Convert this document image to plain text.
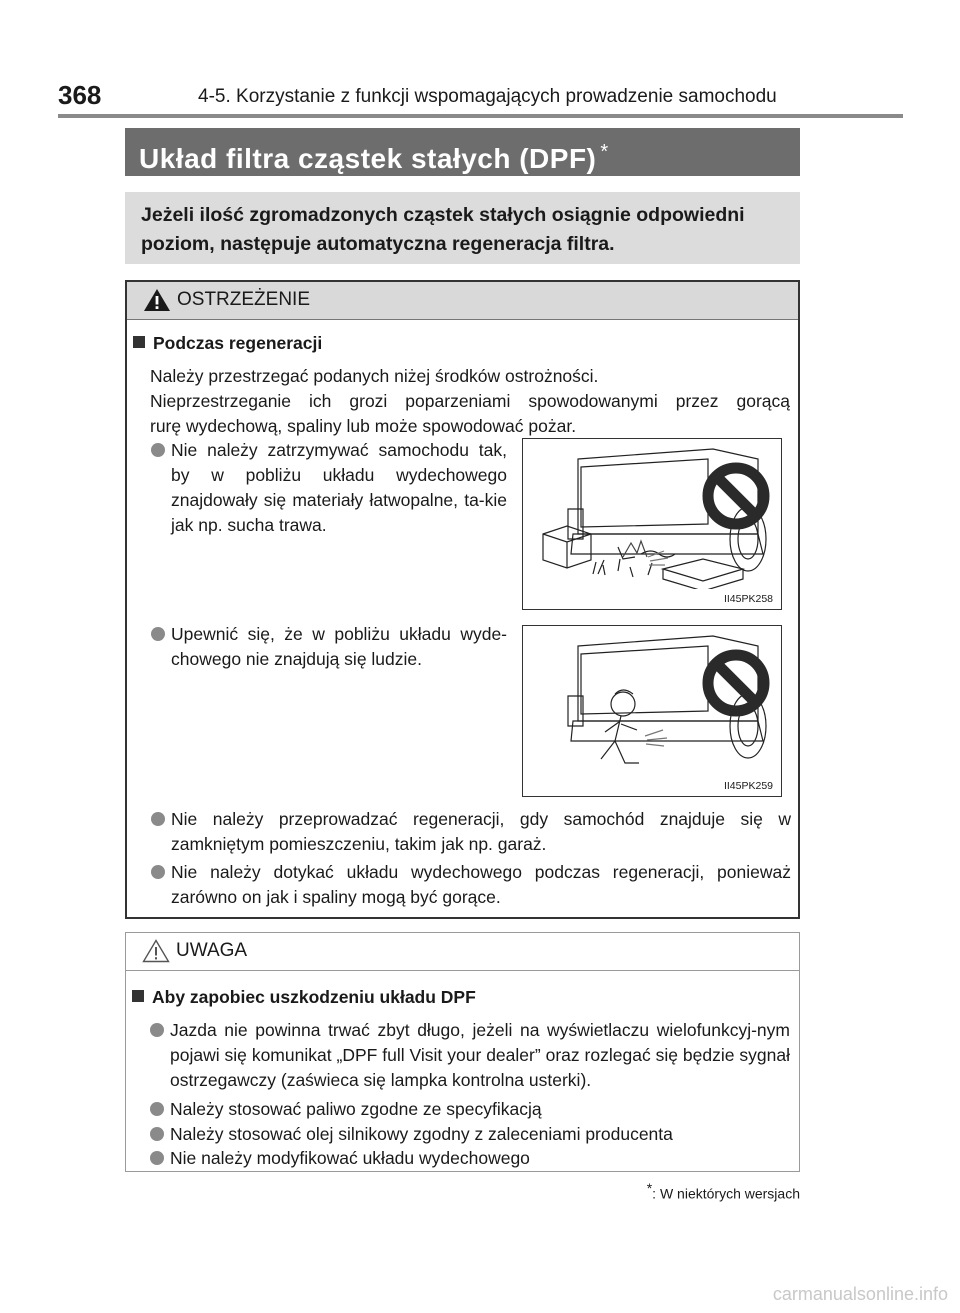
368	4-5. Korzystanie z funkcji wspomagających prowadzenie samochodu
Układ filtra cząstek stałych (DPF) *
Jeżeli ilość zgromadzonych cząstek stałych osiągnie odpowiedni
poziom, następuje automatyczna regeneracja filtra.
OSTRZEŻENIE
Podczas regeneracji
Należy przestrzegać podanych niżej środków ostrożności.
Nieprzestrzeganie ich grozi poparzeniami spowodowanymi przez gorącą
rurę wydechową, spaliny lub może spowodować pożar.
Nie należy zatrzymywać samochodu tak, by w pobliżu układu wydechowego znajdowały się materiały łatwopalne, ta-kie jak np. sucha trawa.
II45PK258
Upewnić się, że w pobliżu układu wyde-chowego nie znajdują się ludzie.
II45PK259
Nie należy przeprowadzać regeneracji, gdy samochód znajduje się w zamkniętym pomieszczeniu, takim jak np. garaż.
Nie należy dotykać układu wydechowego podczas regeneracji, ponieważ zarówno on jak i spaliny mogą być gorące.
UWAGA
Aby zapobiec uszkodzeniu układu DPF
Jazda nie powinna trwać zbyt długo, jeżeli na wyświetlaczu wielofunkcyj-nym pojawi się komunikat „DPF full Visit your dealer” oraz rozlegać się będzie sygnał ostrzegawczy (zaświeca się lampka kontrolna usterki).
Należy stosować paliwo zgodne ze specyfikacją
Należy stosować olej silnikowy zgodny z zaleceniami producenta
Nie należy modyfikować układu wydechowego
*: W niektórych wersjach
carmanualsonline.info
